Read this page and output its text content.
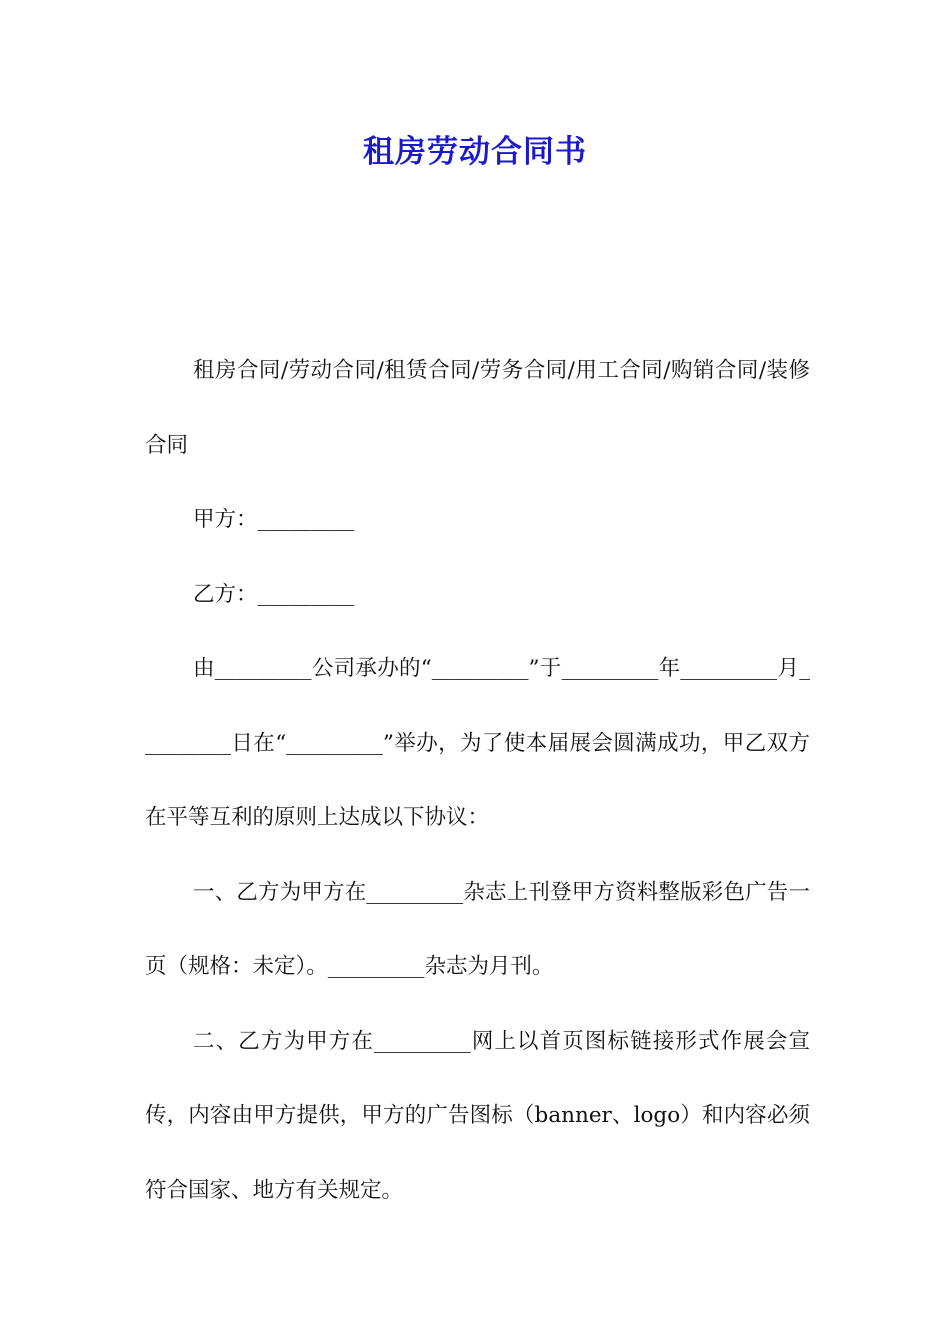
租房劳动合同书

租房合同/劳动合同/租赁合同/劳务合同/用工合同/购销合同/装修合同

甲方：_________

乙方：_________

由_________公司承办的“_________”于_________年_________月_________日在“_________”举办，为了使本届展会圆满成功，甲乙双方在平等互利的原则上达成以下协议：

一、乙方为甲方在_________杂志上刊登甲方资料整版彩色广告一页（规格：未定）。_________杂志为月刊。

二、乙方为甲方在_________网上以首页图标链接形式作展会宣传，内容由甲方提供，甲方的广告图标（banner、logo）和内容必须符合国家、地方有关规定。
